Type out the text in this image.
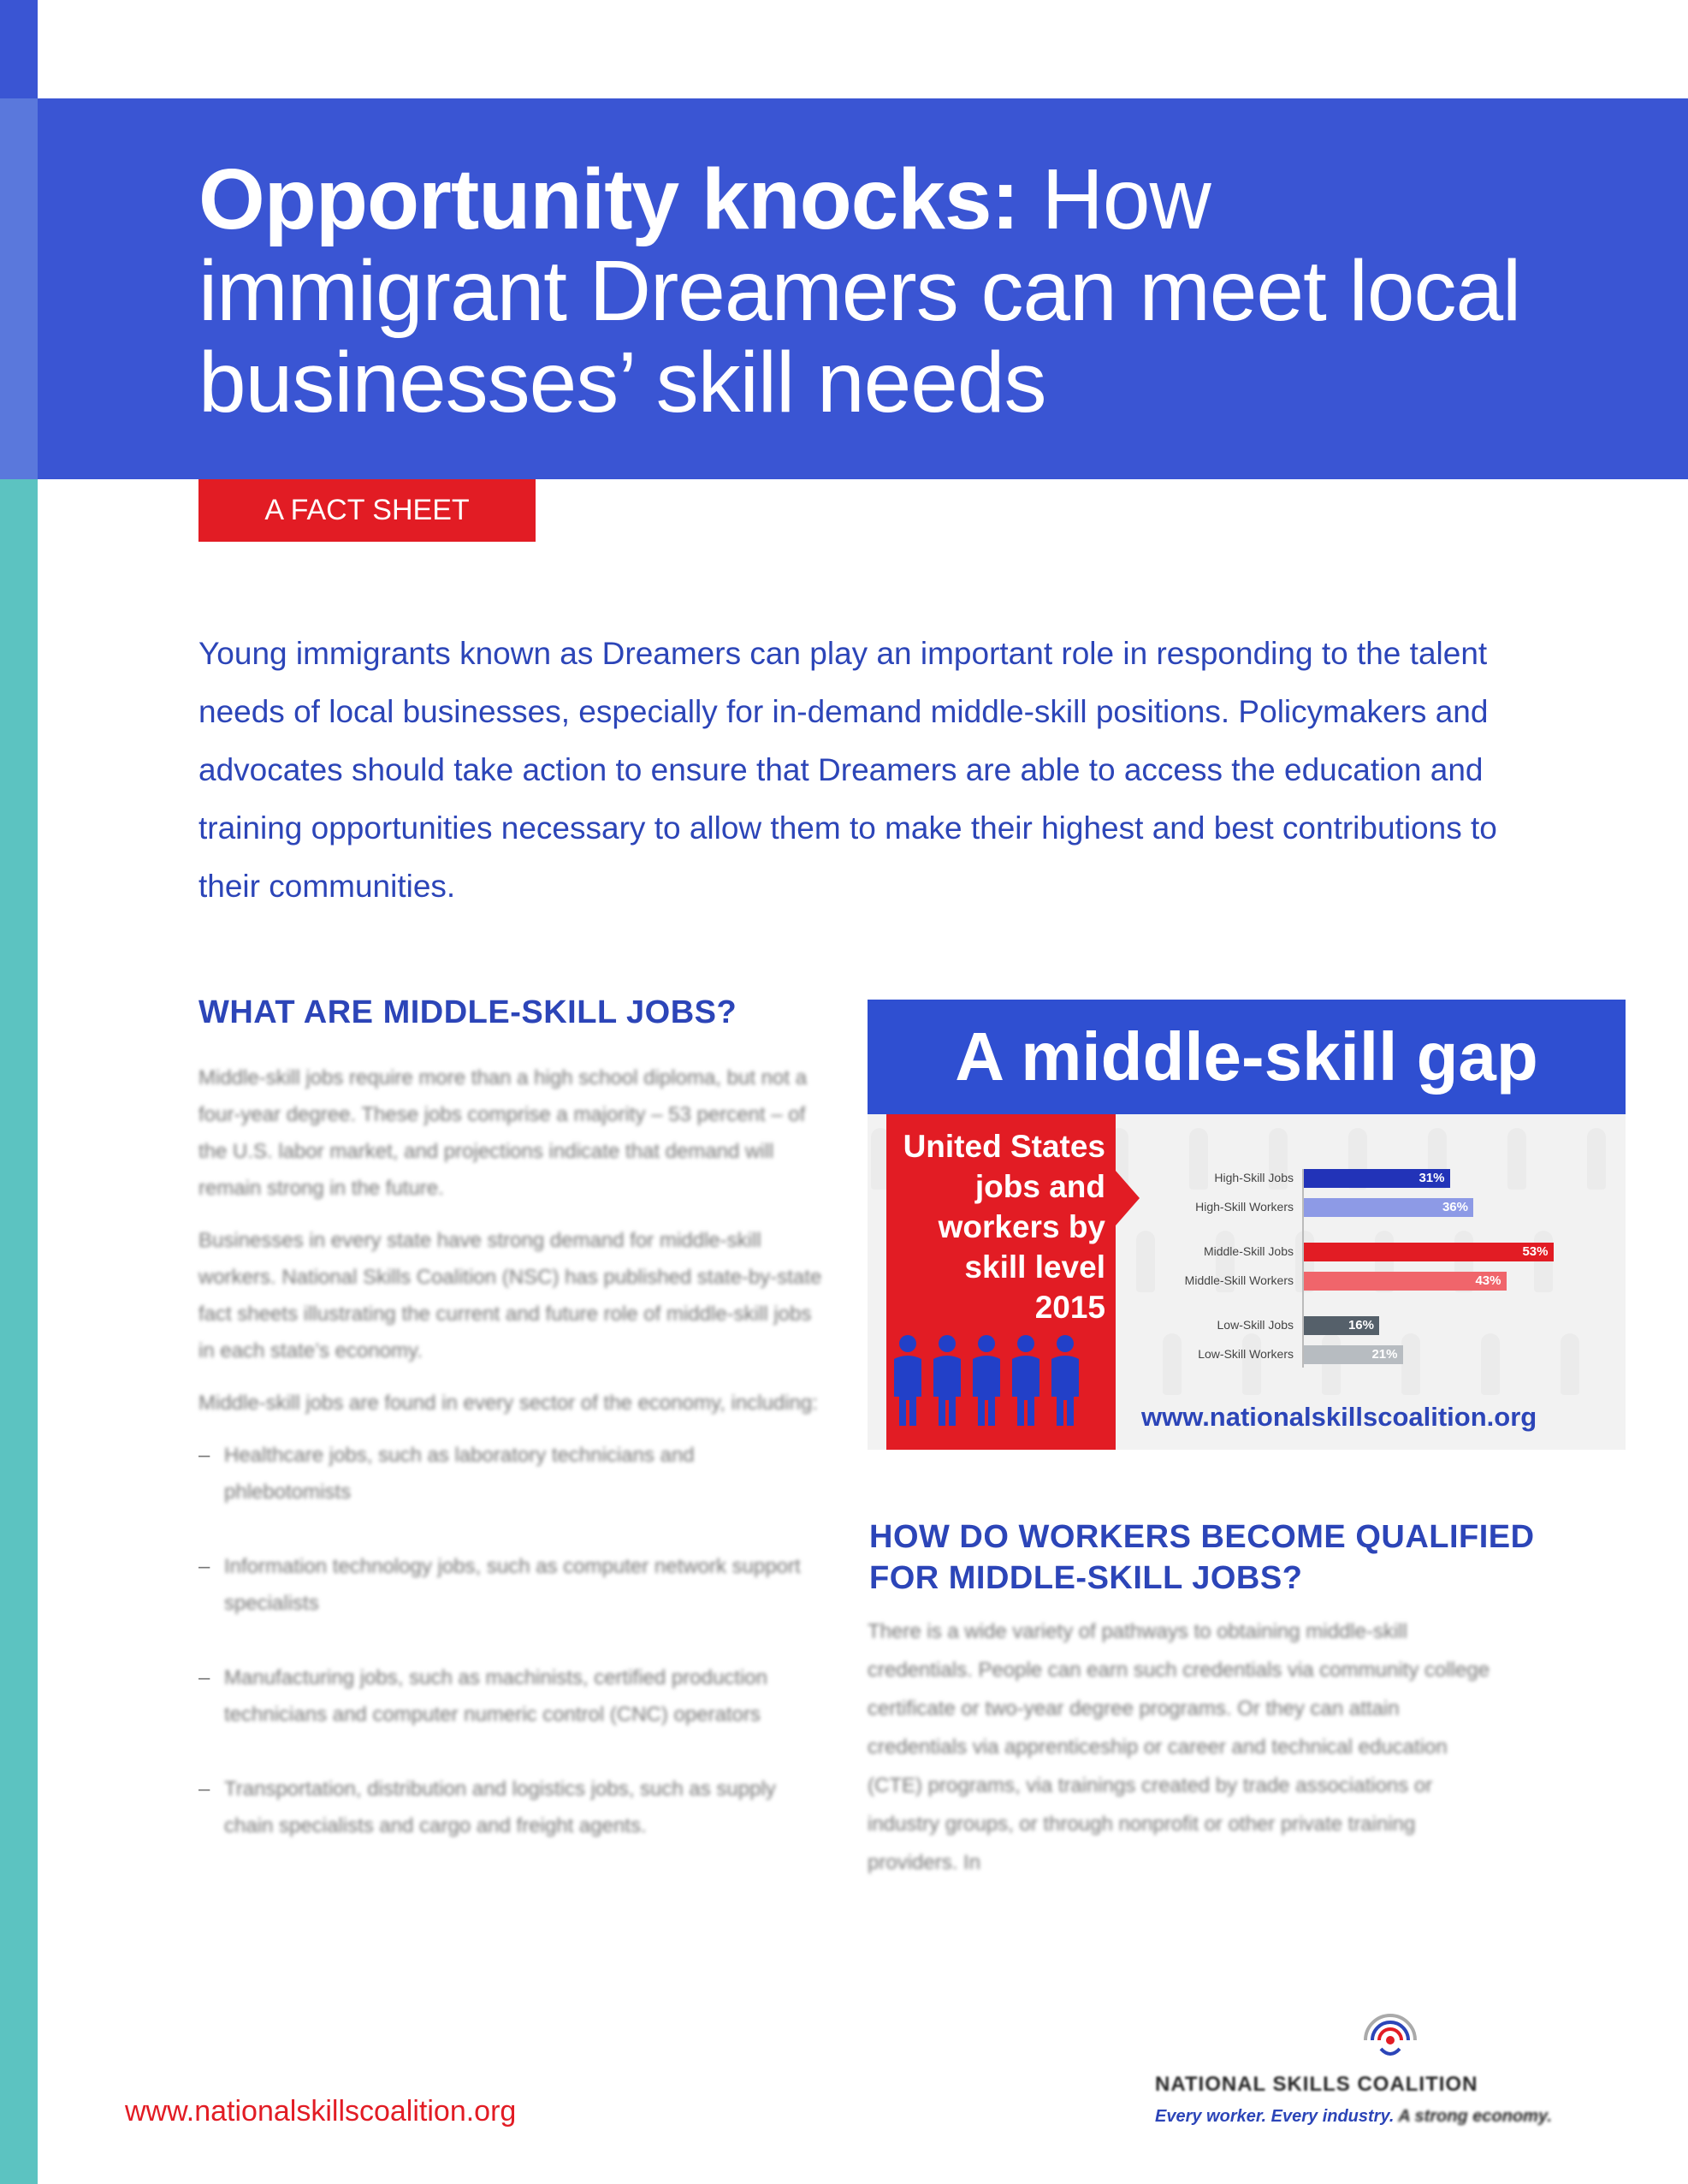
Opportunity knocks: How immigrant Dreamers can meet local businesses’ skill needs
A FACT SHEET

Young immigrants known as Dreamers can play an important role in responding to the talent needs of local businesses, especially for in-demand middle-skill positions. Policymakers and advocates should take action to ensure that Dreamers are able to access the education and training opportunities necessary to allow them to make their highest and best contributions to their communities.

WHAT ARE MIDDLE-SKILL JOBS?

Middle-skill jobs require more than a high school diploma, but not a four-year degree. These jobs comprise a majority – 53 percent – of the U.S. labor market, and projections indicate that demand will remain strong in the future.

Businesses in every state have strong demand for middle-skill workers. National Skills Coalition (NSC) has published state-by-state fact sheets illustrating the current and future role of middle-skill jobs in each state’s economy.

Middle-skill jobs are found in every sector of the economy, including:

– Healthcare jobs, such as laboratory technicians and phlebotomists

– Information technology jobs, such as computer network support specialists

– Manufacturing jobs, such as machinists, certified production technicians and computer numeric control (CNC) operators

– Transportation, distribution and logistics jobs, such as supply chain specialists and cargo and freight agents.

A middle-skill gap

United States
jobs and
workers by
skill level
2015

High-Skill Jobs	31%
High-Skill Workers	36%
Middle-Skill Jobs	53%
Middle-Skill Workers	43%
Low-Skill Jobs	16%
Low-Skill Workers	21%
www.nationalskillscoalition.org
HOW DO WORKERS BECOME QUALIFIED
FOR MIDDLE-SKILL JOBS?

There is a wide variety of pathways to obtaining middle-skill credentials. People can earn such credentials via community college certificate or two-year degree programs. Or they can attain credentials via apprenticeship or career and technical education (CTE) programs, via trainings created by trade associations or industry groups, or through nonprofit or other private training providers. In

www.nationalskillscoalition.org
NATIONAL SKILLS COALITION
Every worker. Every industry. A strong economy.
